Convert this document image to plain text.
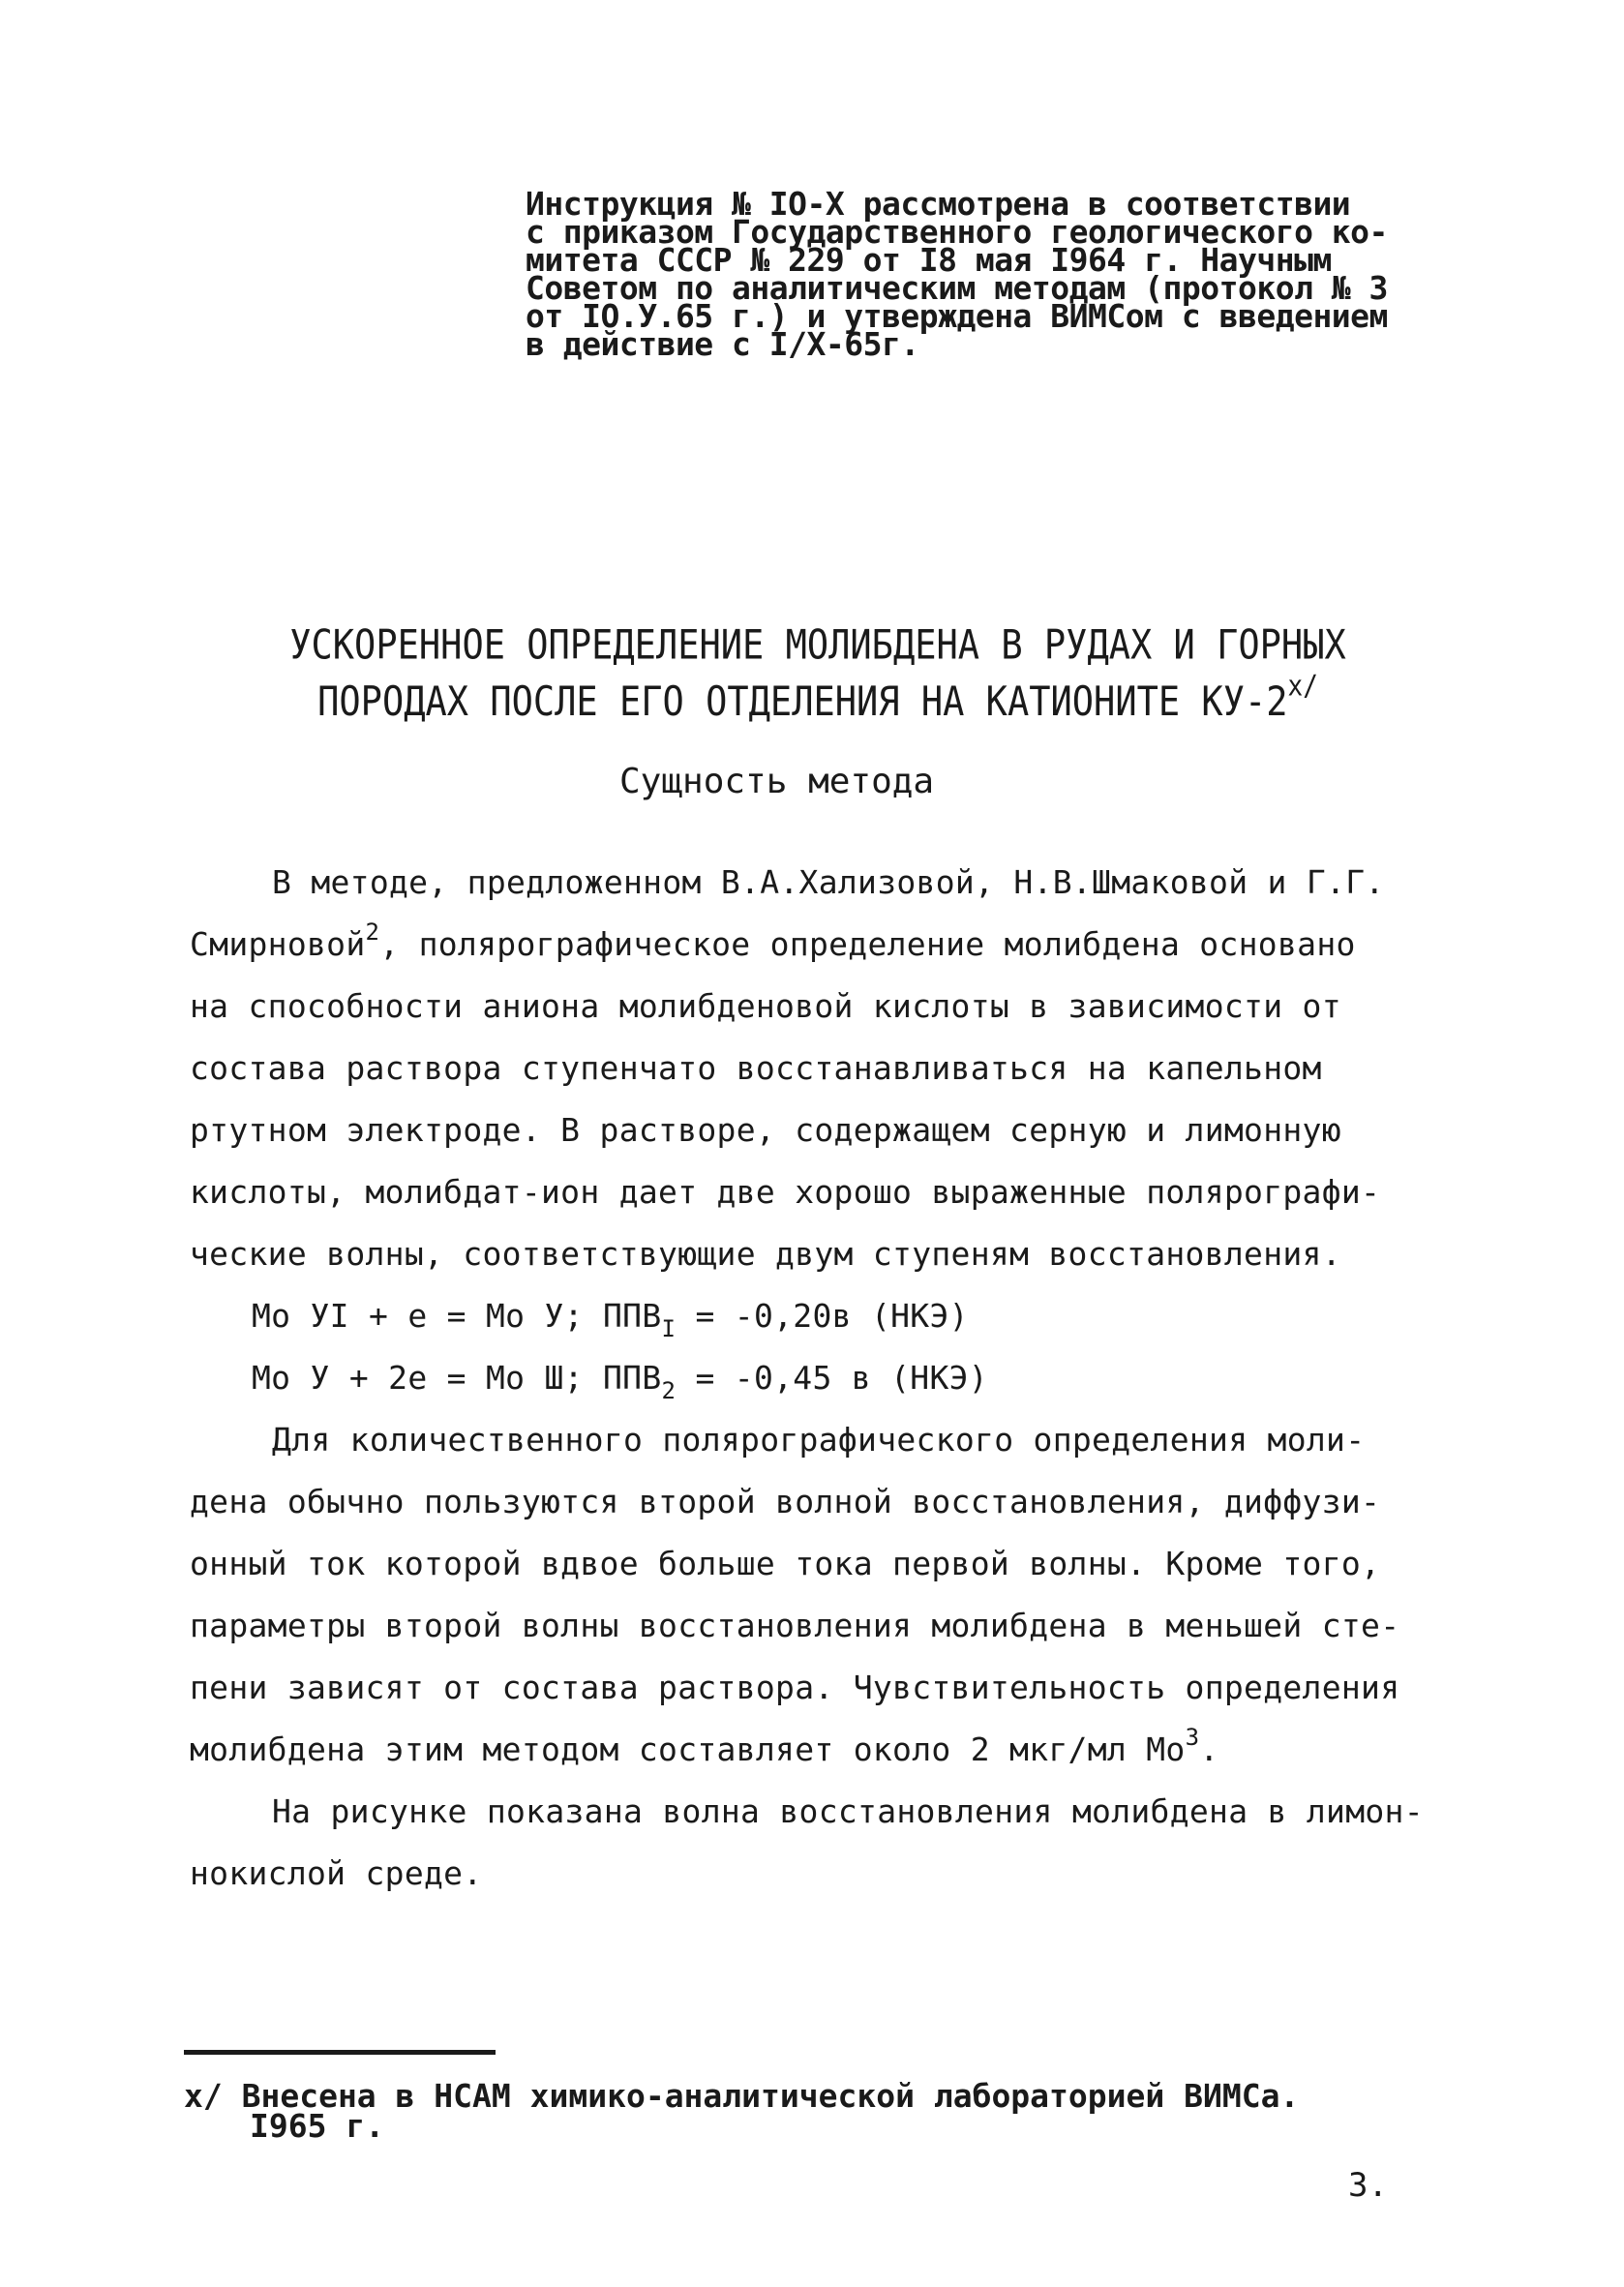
Инструкция № IO-X рассмотрена в соответствии
с приказом Государственного геологического ко-
митета СССР № 229 от I8 мая I964 г. Научным
Советом по аналитическим методам (протокол № 3
от IO.У.65 г.) и утверждена ВИМСом с введением
в действие с I/X-65г.
УСКОРЕННОЕ ОПРЕДЕЛЕНИЕ МОЛИБДЕНА В РУДАХ И ГОРНЫХ
ПОРОДАХ ПОСЛЕ ЕГО ОТДЕЛЕНИЯ НА КАТИОНИТЕ $КУ-2^{х/}$
Сущность метода
В методе, предложенном В.А.Хализовой, Н.В.Шмаковой и Г.Г.
Смирновой$^2$, полярографическое определение молибдена основано
на способности аниона молибденовой кислоты в зависимости от
состава раствора ступенчато восстанавливаться на капельном
ртутном электроде. В растворе, содержащем серную и лимонную
кислоты, молибдат-ион дает две хорошо выраженные полярографи-
ческие волны, соответствующие двум ступеням восстановления.
Мо УI + е = Мо У; $ППВ_I = -0,20в$ (НКЭ)
Мо У + 2е = Мо Ш; $ППВ_2 = -0,45$ в (НКЭ)
Для количественного полярографического определения моли-
дена обычно пользуются второй волной восстановления, диффузи-
онный ток которой вдвое больше тока первой волны. Кроме того,
параметры второй волны восстановления молибдена в меньшей сте-
пени зависят от состава раствора. Чувствительность определения
молибдена этим методом составляет около 2 мкг/мл $Мо^3$.
На рисунке показана волна восстановления молибдена в лимон-
нокислой среде.
х/ Внесена в НСАМ химико-аналитической лабораторией ВИМСа.
I965 г.
3.
